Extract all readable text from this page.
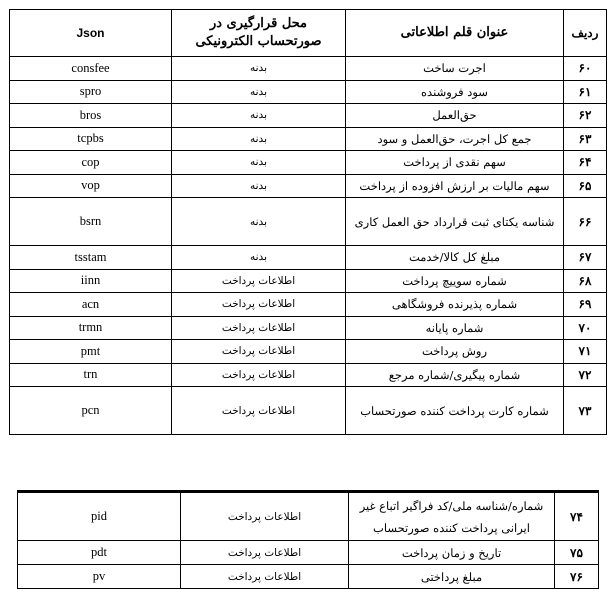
ردیف	عنوان قلم اطلاعاتی	محل قرارگیری در صورتحساب الکترونیکی	Json
۶۰	اجرت ساخت	بدنه	consfee
۶۱	سود فروشنده	بدنه	spro
۶۲	حق‌العمل	بدنه	bros
۶۳	جمع کل اجرت، حق‌العمل و سود	بدنه	tcpbs
۶۴	سهم نقدی از پرداخت	بدنه	cop
۶۵	سهم مالیات بر ارزش افزوده از پرداخت	بدنه	vop
۶۶	شناسه یکتای ثبت قرارداد حق العمل کاری	بدنه	bsrn
۶۷	مبلغ کل کالا/خدمت	بدنه	tsstam
۶۸	شماره سوییچ پرداخت	اطلاعات پرداخت	iinn
۶۹	شماره پذیرنده فروشگاهی	اطلاعات پرداخت	acn
۷۰	شماره پایانه	اطلاعات پرداخت	trmn
۷۱	روش پرداخت	اطلاعات پرداخت	pmt
۷۲	شماره پیگیری/شماره مرجع	اطلاعات پرداخت	trn
۷۳	شماره کارت پرداخت کننده صورتحساب	اطلاعات پرداخت	pcn
۷۴	شماره/شناسه ملی/کد فراگیر اتباع غیر ایرانی پرداخت کننده صورتحساب	اطلاعات پرداخت	pid
۷۵	تاریخ و زمان پرداخت	اطلاعات پرداخت	pdt
۷۶	مبلغ پرداختی	اطلاعات پرداخت	pv
